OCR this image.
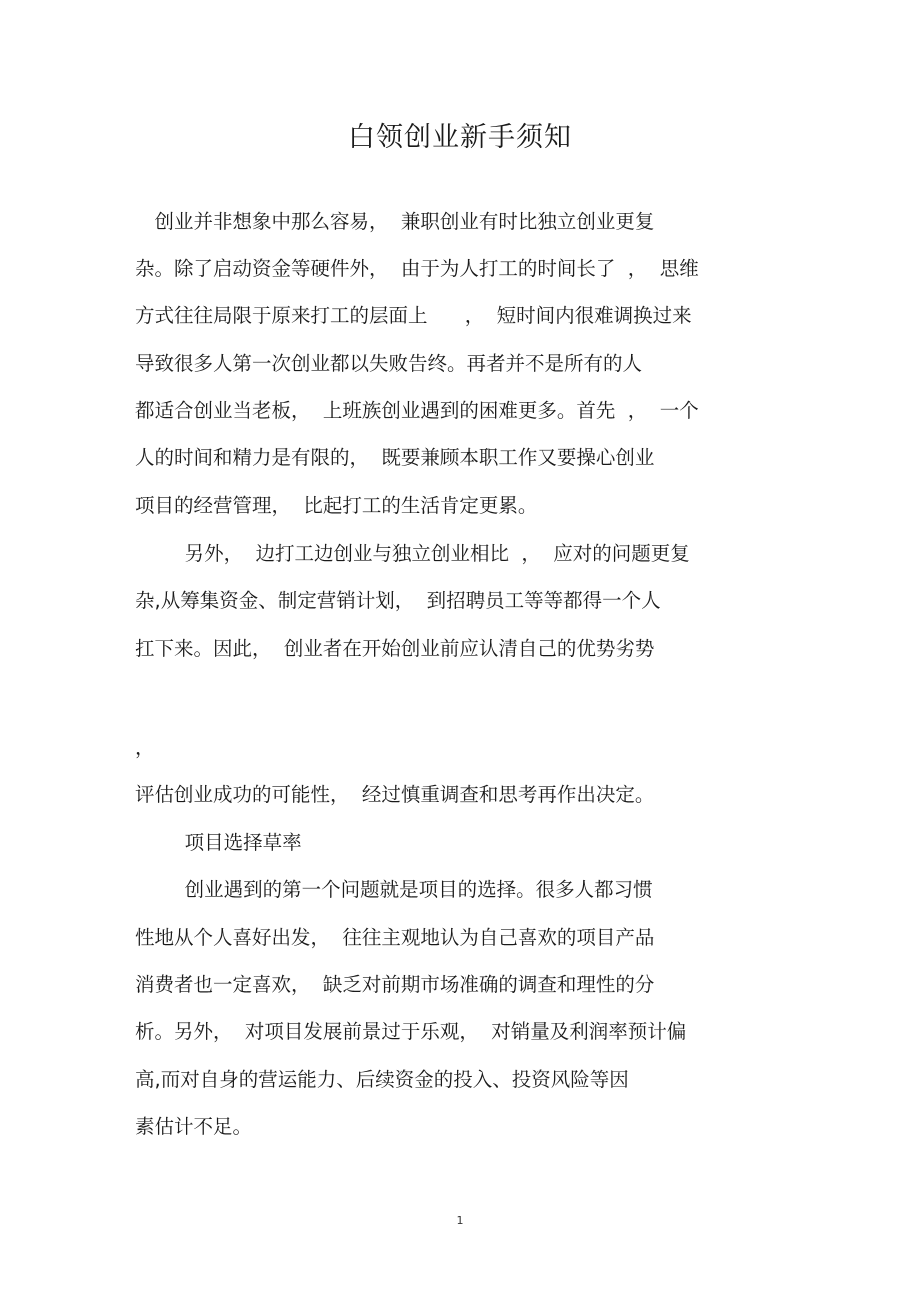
白领创业新手须知
　创业并非想象中那么容易，  兼职创业有时比独立创业更复
杂。除了启动资金等硬件外，  由于为人打工的时间长了  ，  思维
方式往往局限于原来打工的层面上      ，  短时间内很难调换过来
导致很多人第一次创业都以失败告终。再者并不是所有的人
都适合创业当老板，  上班族创业遇到的困难更多。首先  ，  一个
人的时间和精力是有限的，  既要兼顾本职工作又要操心创业
项目的经营管理，  比起打工的生活肯定更累。
另外，  边打工边创业与独立创业相比  ，  应对的问题更复
杂,从筹集资金、制定营销计划，  到招聘员工等等都得一个人
扛下来。因此，  创业者在开始创业前应认清自己的优势劣势
，
评估创业成功的可能性，  经过慎重调查和思考再作出决定。
项目选择草率
创业遇到的第一个问题就是项目的选择。很多人都习惯
性地从个人喜好出发，  往往主观地认为自己喜欢的项目产品
消费者也一定喜欢，  缺乏对前期市场准确的调查和理性的分
析。另外，  对项目发展前景过于乐观，  对销量及利润率预计偏
高,而对自身的营运能力、后续资金的投入、投资风险等因
素估计不足。
1
